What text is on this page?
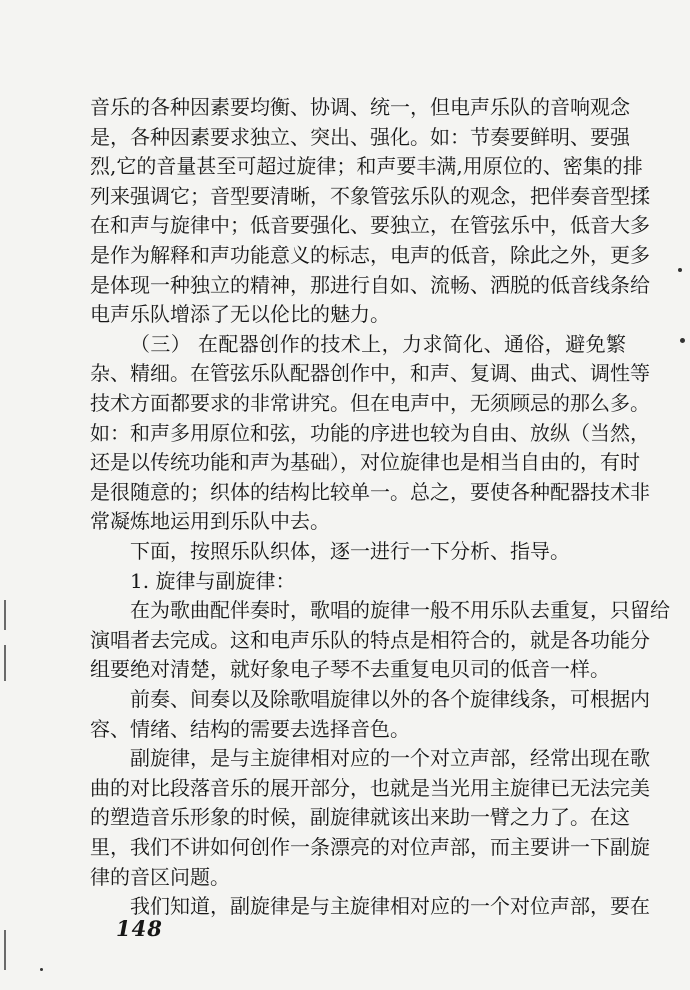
音乐的各种因素要均衡、协调、统一，但电声乐队的音响观念
是，各种因素要求独立、突出、强化。如：节奏要鲜明、要强
烈,它的音量甚至可超过旋律；和声要丰满,用原位的、密集的排
列来强调它；音型要清晰，不象管弦乐队的观念，把伴奏音型揉
在和声与旋律中；低音要强化、要独立，在管弦乐中，低音大多
是作为解释和声功能意义的标志，电声的低音，除此之外，更多
是体现一种独立的精神，那进行自如、流畅、洒脱的低音线条给
电声乐队增添了无以伦比的魅力。
（三） 在配器创作的技术上，力求简化、通俗，避免繁
杂、精细。在管弦乐队配器创作中，和声、复调、曲式、调性等
技术方面都要求的非常讲究。但在电声中，无须顾忌的那么多。
如：和声多用原位和弦，功能的序进也较为自由、放纵（当然，
还是以传统功能和声为基础），对位旋律也是相当自由的，有时
是很随意的；织体的结构比较单一。总之，要使各种配器技术非
常凝炼地运用到乐队中去。
下面，按照乐队织体，逐一进行一下分析、指导。
1. 旋律与副旋律：
在为歌曲配伴奏时，歌唱的旋律一般不用乐队去重复，只留给
演唱者去完成。这和电声乐队的特点是相符合的，就是各功能分
组要绝对清楚，就好象电子琴不去重复电贝司的低音一样。
前奏、间奏以及除歌唱旋律以外的各个旋律线条，可根据内
容、情绪、结构的需要去选择音色。
副旋律，是与主旋律相对应的一个对立声部，经常出现在歌
曲的对比段落音乐的展开部分，也就是当光用主旋律已无法完美
的塑造音乐形象的时候，副旋律就该出来助一臂之力了。在这
里，我们不讲如何创作一条漂亮的对位声部，而主要讲一下副旋
律的音区问题。
我们知道，副旋律是与主旋律相对应的一个对位声部，要在
148
